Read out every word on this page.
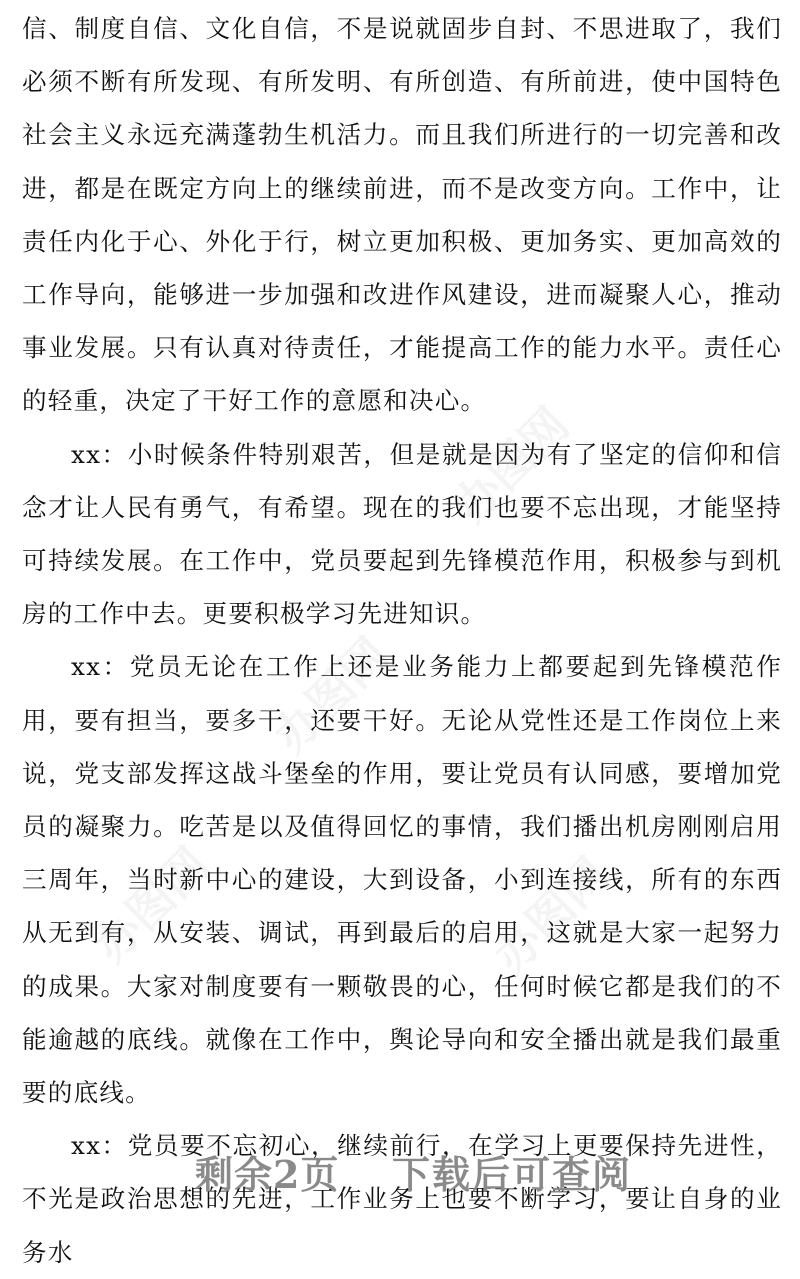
办图网
办图网
办图网	办图网

信、制度自信、文化自信，不是说就固步自封、不思进取了，我们必须不断有所发现、有所发明、有所创造、有所前进，使中国特色社会主义永远充满蓬勃生机活力。而且我们所进行的一切完善和改进，都是在既定方向上的继续前进，而不是改变方向。工作中，让责任内化于心、外化于行，树立更加积极、更加务实、更加高效的工作导向，能够进一步加强和改进作风建设，进而凝聚人心，推动事业发展。只有认真对待责任，才能提高工作的能力水平。责任心的轻重，决定了干好工作的意愿和决心。

xx：小时候条件特别艰苦，但是就是因为有了坚定的信仰和信念才让人民有勇气，有希望。现在的我们也要不忘出现，才能坚持可持续发展。在工作中，党员要起到先锋模范作用，积极参与到机房的工作中去。更要积极学习先进知识。

xx：党员无论在工作上还是业务能力上都要起到先锋模范作用，要有担当，要多干，还要干好。无论从党性还是工作岗位上来说，党支部发挥这战斗堡垒的作用，要让党员有认同感，要增加党员的凝聚力。吃苦是以及值得回忆的事情，我们播出机房刚刚启用三周年，当时新中心的建设，大到设备，小到连接线，所有的东西从无到有，从安装、调试，再到最后的启用，这就是大家一起努力的成果。大家对制度要有一颗敬畏的心，任何时候它都是我们的不能逾越的底线。就像在工作中，舆论导向和安全播出就是我们最重要的底线。

xx：党员要不忘初心，继续前行，在学习上更要保持先进性，不光是政治思想的先进，工作业务上也要不断学习，要让自身的业务水

剩余2页 下载后可查阅
